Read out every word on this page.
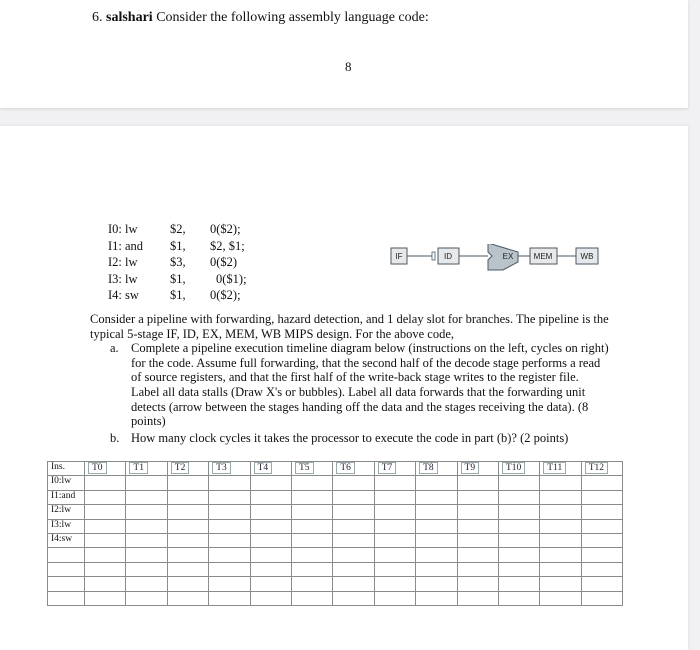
6. salshari Consider the following assembly language code:
8
I0: lw	$2, 0($2);
I1: and $1, $2, $1;
I2: lw	$3, 0($2)
I3: lw	$1, 0($1);
I4: sw $1, 0($2);
IF	ID	EX	MEM	WB

Consider a pipeline with forwarding, hazard detection, and 1 delay slot for branches. The pipeline is the typical 5-stage IF, ID, EX, MEM, WB MIPS design. For the above code,

a. Complete a pipeline execution timeline diagram below (instructions on the left, cycles on right) for the code. Assume full forwarding, that the second half of the decode stage performs a read of source registers, and that the first half of the write-back stage writes to the register file. Label all data stalls (Draw X's or bubbles). Label all data forwards that the forwarding unit detects (arrow between the stages handing off the data and the stages receiving the data). (8 points)
b. How many clock cycles it takes the processor to execute the code in part (b)? (2 points)
Ins.	T0	T1	T2	T3	T4	T5	T6	T7	T8	T9	T10	T11	T12
I0:lw													
I1:and													
I2:lw													
I3:lw													
I4:sw													
